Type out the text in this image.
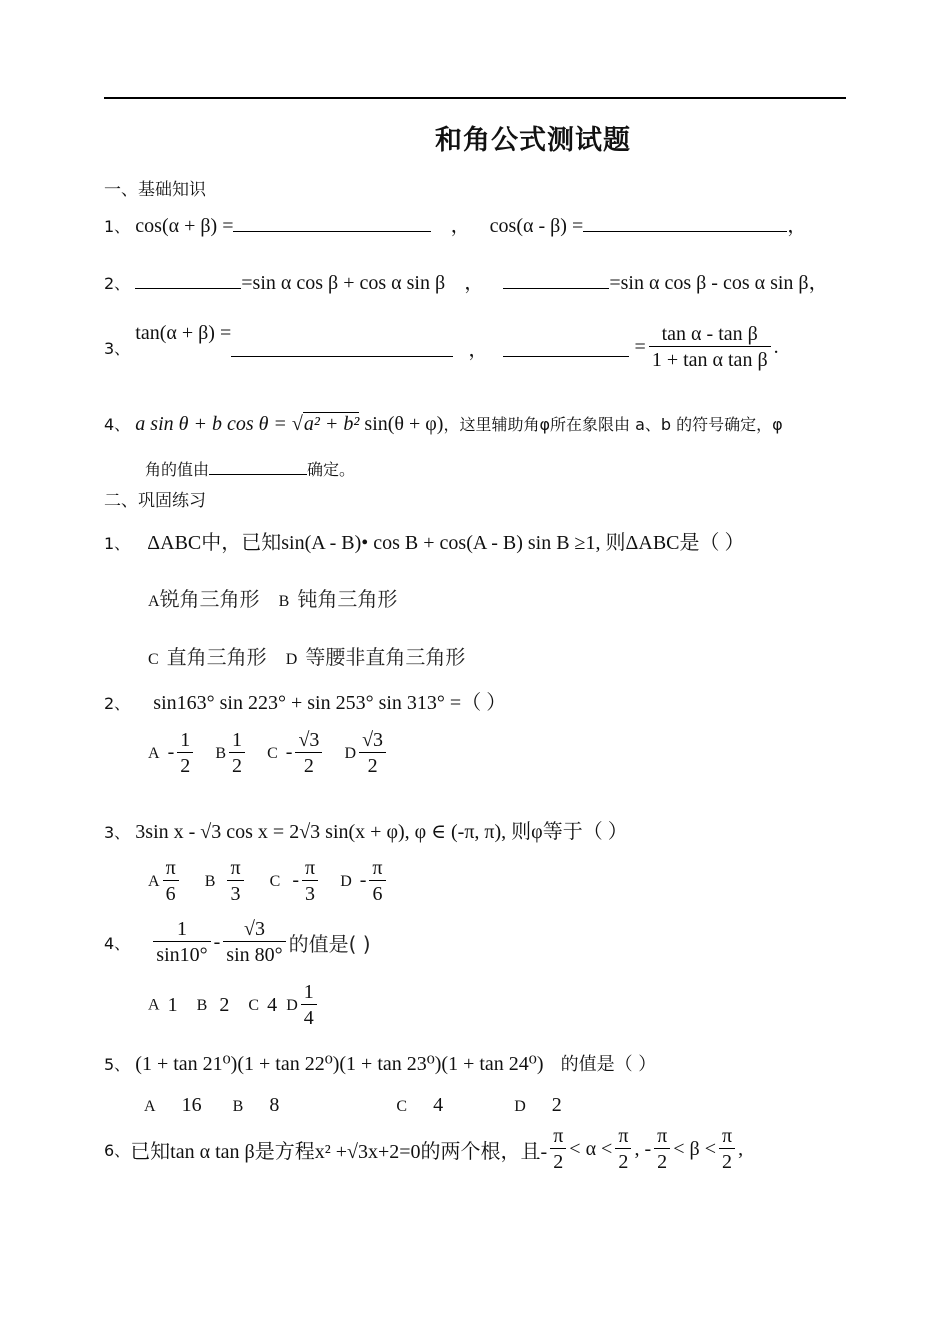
和角公式测试题
一、基础知识
1、 cos(α + β) =	， cos(α - β) =	，
2、	=sin α cos β + cos α sin β ，	=sin α cos β - cos α sin β，
3、 tan(α + β) = ，	= $\frac{\text{tan α - tan β}}{\text{1 + tan α tan β}}$ .
4、 a sin θ + b cos θ = √a² + b² sin(θ + φ)，这里辅助角φ所在象限由 a、b 的符号确定，φ
角的值由	确定。
二、巩固练习
1、 ΔABC中，已知sin(A - B)• cos B + cos(A - B) sin B ≥1, 则ΔABC是（ ）
A锐角三角形 B 钝角三角形
C 直角三角形 D 等腰非直角三角形
2、 sin163° sin 223° + sin 253° sin 313° =（ ）
A - $\frac{1}{2}$ B $\frac{1}{2}$ C - $\frac{√3}{2}$ D $\frac{√3}{2}$
3、 3sin x - √3 cos x = 2√3 sin(x + φ), φ ∈ (-π, π), 则φ等于（ ）
A $\frac{\pi}{6}$ B $\frac{\pi}{3}$ C - $\frac{\pi}{3}$ D - $\frac{\pi}{6}$
4、 $\frac{1}{\sin 10^\circ} - \frac{√3}{\sin 80^\circ}$ 的值是( )
A 1 B 2 C 4 D $\frac{1}{4}$
5、 (1 + tan 21⁰)(1 + tan 22⁰)(1 + tan 23⁰)(1 + tan 24⁰) 的值是（ ）
A 16 B 8	C 4	D 2
6、已知tan α tan β是方程x² +√3x+2=0的两个根，且- $\frac{\pi}{2} < \alpha < \frac{\pi}{2}$ , - $\frac{\pi}{2} < \beta < \frac{\pi}{2}$ ,
